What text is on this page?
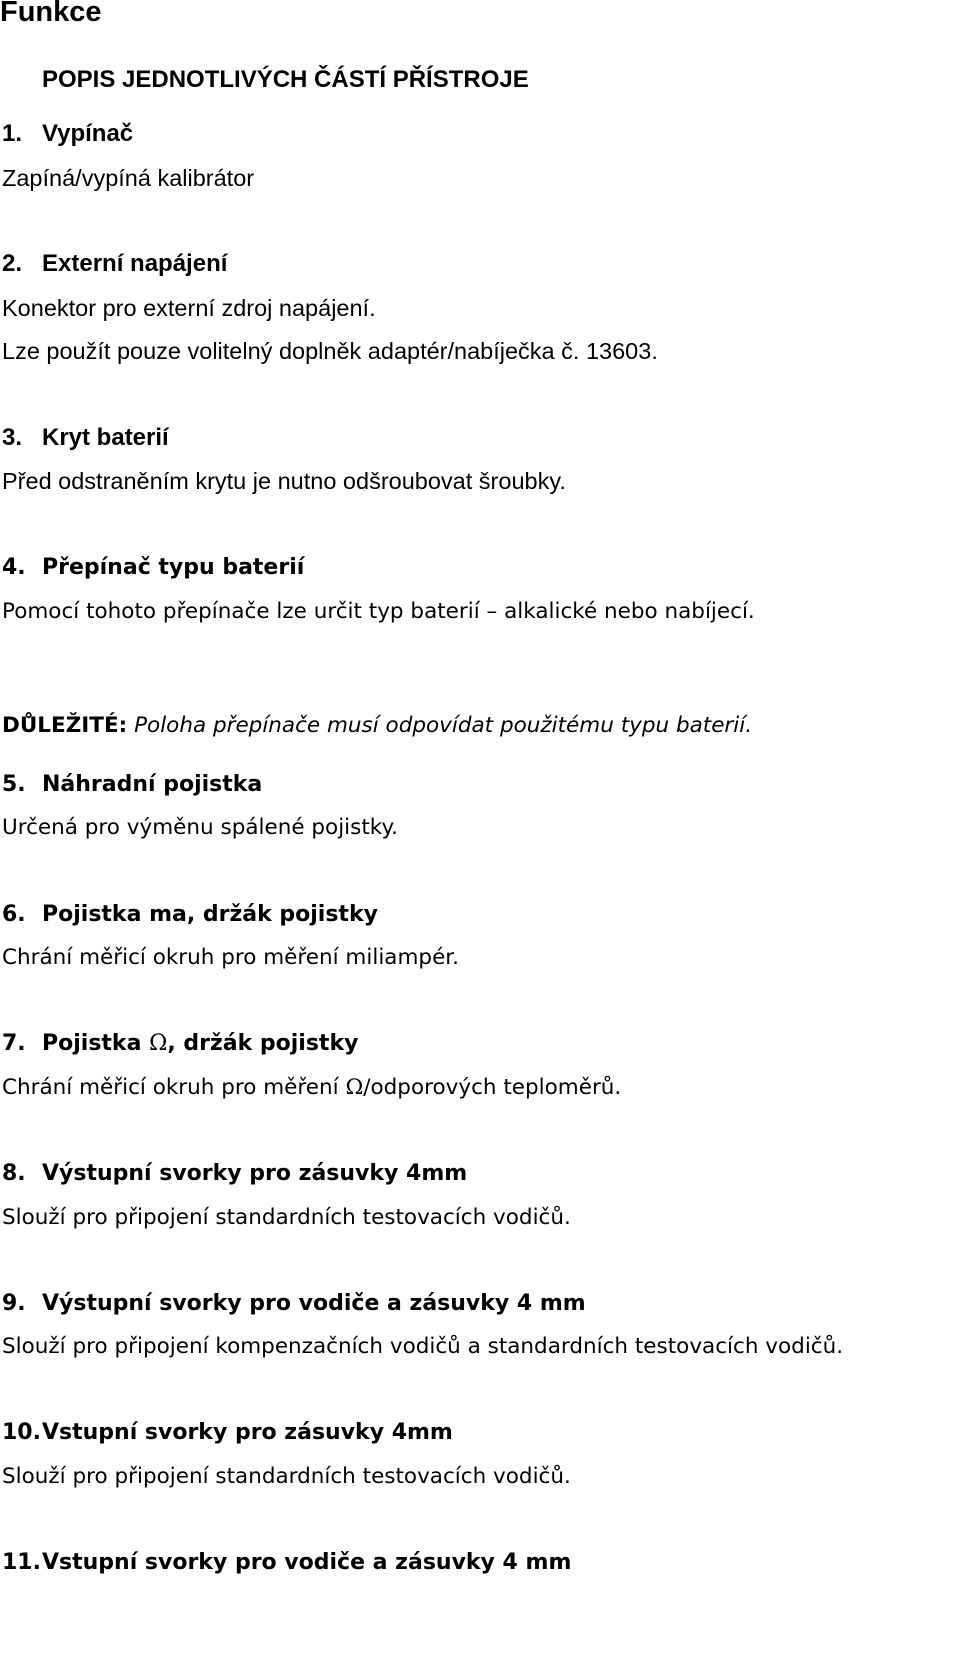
Funkce
POPIS JEDNOTLIVÝCH ČÁSTÍ PŘÍSTROJE
1. Vypínač
Zapíná/vypíná kalibrátor
2. Externí napájení
Konektor pro externí zdroj napájení.
Lze použít pouze volitelný doplněk adaptér/nabíječka č. 13603.
3. Kryt baterií
Před odstraněním krytu je nutno odšroubovat šroubky.
4. Přepínač typu baterií
Pomocí tohoto přepínače lze určit typ baterií – alkalické nebo nabíjecí.
DŮLEŽITÉ: Poloha přepínače musí odpovídat použitému typu baterií.
5. Náhradní pojistka
Určená pro výměnu spálené pojistky.
6. Pojistka ma, držák pojistky
Chrání měřicí okruh pro měření miliampér.
7. Pojistka Ω, držák pojistky
Chrání měřicí okruh pro měření Ω/odporových teploměrů.
8. Výstupní svorky pro zásuvky 4mm
Slouží pro připojení standardních testovacích vodičů.
9. Výstupní svorky pro vodiče a zásuvky 4 mm
Slouží pro připojení kompenzačních vodičů a standardních testovacích vodičů.
10.Vstupní svorky pro zásuvky 4mm
Slouží pro připojení standardních testovacích vodičů.
11.Vstupní svorky pro vodiče a zásuvky 4 mm
